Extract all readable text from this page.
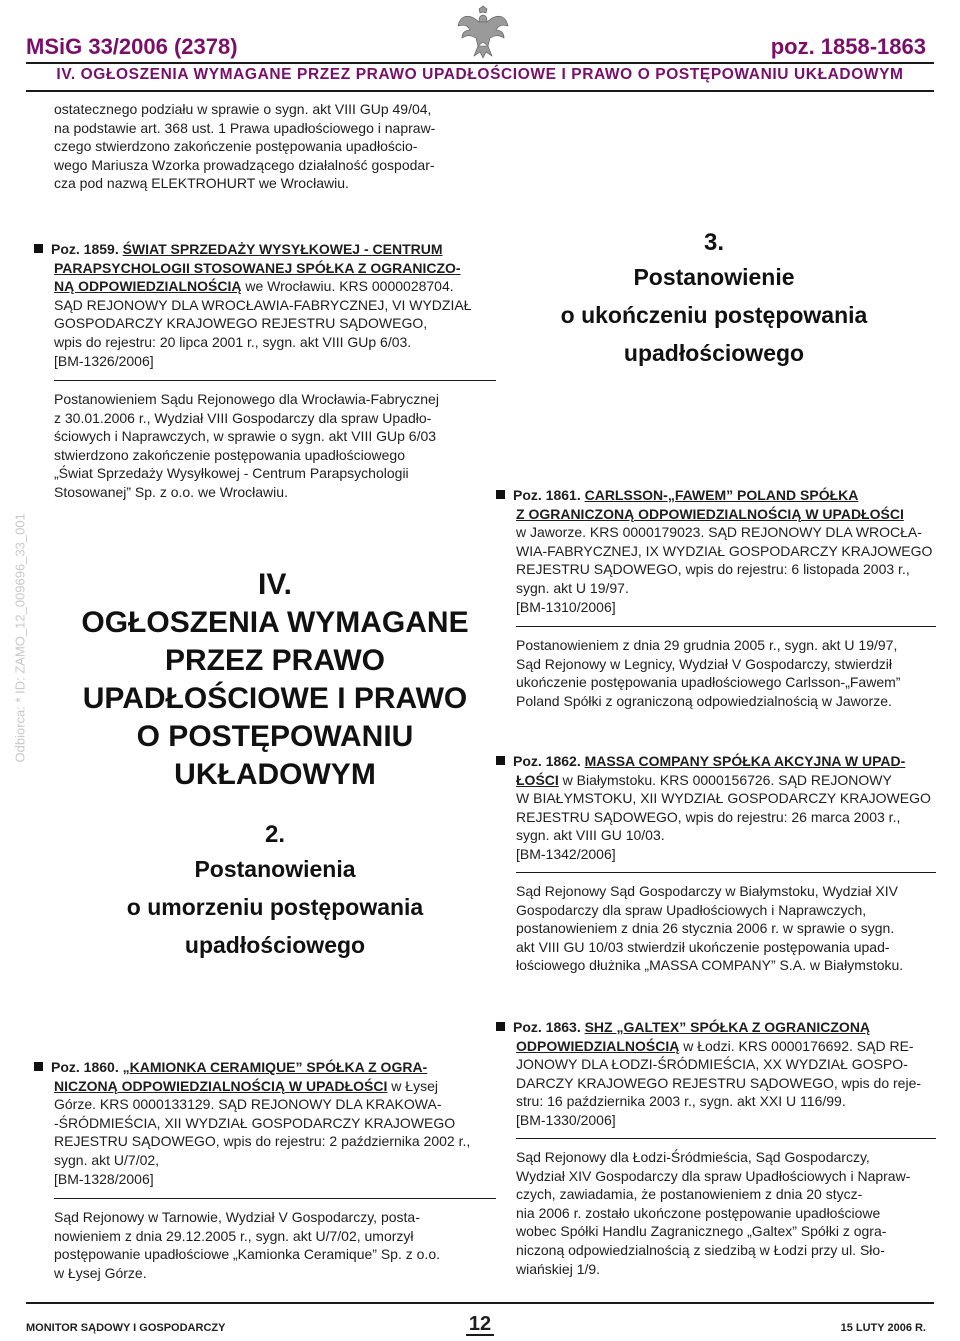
MSiG 33/2006 (2378)	poz. 1858-1863
IV. OGŁOSZENIA WYMAGANE PRZEZ PRAWO UPADŁOŚCIOWE I PRAWO O POSTĘPOWANIU UKŁADOWYM
Odbiorca: * ID: ZAMO_12_009696_33_001

ostatecznego podziału w sprawie o sygn. akt VIII GUp 49/04,

na podstawie art. 368 ust. 1 Prawa upadłościowego i napraw-

czego stwierdzono zakończenie postępowania upadłościo-

wego Mariusza Wzorka prowadzącego działalność gospodar-

cza pod nazwą ELEKTROHURT we Wrocławiu.

Poz. 1859. ŚWIAT SPRZEDAŻY WYSYŁKOWEJ - CENTRUM

PARAPSYCHOLOGII STOSOWANEJ SPÓŁKA Z OGRANICZO-

NĄ ODPOWIEDZIALNOŚCIĄ we Wrocławiu. KRS 0000028704.

SĄD REJONOWY DLA WROCŁAWIA-FABRYCZNEJ, VI WYDZIAŁ

GOSPODARCZY KRAJOWEGO REJESTRU SĄDOWEGO,

wpis do rejestru: 20 lipca 2001 r., sygn. akt VIII GUp 6/03.

[BM-1326/2006]

Postanowieniem Sądu Rejonowego dla Wrocławia-Fabrycznej

z 30.01.2006 r., Wydział VIII Gospodarczy dla spraw Upadło-

ściowych i Naprawczych, w sprawie o sygn. akt VIII GUp 6/03

stwierdzono zakończenie postępowania upadłościowego

„Świat Sprzedaży Wysyłkowej - Centrum Parapsychologii

Stosowanej” Sp. z o.o. we Wrocławiu.

IV.
OGŁOSZENIA WYMAGANE
PRZEZ PRAWO
UPADŁOŚCIOWE I PRAWO
O POSTĘPOWANIU
UKŁADOWYM
2.
Postanowienia
o umorzeniu postępowania
upadłościowego

Poz. 1860. „KAMIONKA CERAMIQUE” SPÓŁKA Z OGRA-

NICZONĄ ODPOWIEDZIALNOŚCIĄ W UPADŁOŚCI w Łysej

Górze. KRS 0000133129. SĄD REJONOWY DLA KRAKOWA-

-ŚRÓDMIEŚCIA, XII WYDZIAŁ GOSPODARCZY KRAJOWEGO

REJESTRU SĄDOWEGO, wpis do rejestru: 2 października 2002 r.,

sygn. akt U/7/02,

[BM-1328/2006]

Sąd Rejonowy w Tarnowie, Wydział V Gospodarczy, posta-

nowieniem z dnia 29.12.2005 r., sygn. akt U/7/02, umorzył

postępowanie upadłościowe „Kamionka Ceramique” Sp. z o.o.

w Łysej Górze.

3.
Postanowienie
o ukończeniu postępowania
upadłościowego

Poz. 1861. CARLSSON-„FAWEM” POLAND SPÓŁKA

Z OGRANICZONĄ ODPOWIEDZIALNOŚCIĄ W UPADŁOŚCI

w Jaworze. KRS 0000179023. SĄD REJONOWY DLA WROCŁA-

WIA-FABRYCZNEJ, IX WYDZIAŁ GOSPODARCZY KRAJOWEGO

REJESTRU SĄDOWEGO, wpis do rejestru: 6 listopada 2003 r.,

sygn. akt U 19/97.

[BM-1310/2006]

Postanowieniem z dnia 29 grudnia 2005 r., sygn. akt U 19/97,

Sąd Rejonowy w Legnicy, Wydział V Gospodarczy, stwierdził

ukończenie postępowania upadłościowego Carlsson-„Fawem”

Poland Spółki z ograniczoną odpowiedzialnością w Jaworze.

Poz. 1862. MASSA COMPANY SPÓŁKA AKCYJNA W UPAD-

ŁOŚCI w Białymstoku. KRS 0000156726. SĄD REJONOWY

W BIAŁYMSTOKU, XII WYDZIAŁ GOSPODARCZY KRAJOWEGO

REJESTRU SĄDOWEGO, wpis do rejestru: 26 marca 2003 r.,

sygn. akt VIII GU 10/03.

[BM-1342/2006]

Sąd Rejonowy Sąd Gospodarczy w Białymstoku, Wydział XIV

Gospodarczy dla spraw Upadłościowych i Naprawczych,

postanowieniem z dnia 26 stycznia 2006 r. w sprawie o sygn.

akt VIII GU 10/03 stwierdził ukończenie postępowania upad-

łościowego dłużnika „MASSA COMPANY” S.A. w Białymstoku.

Poz. 1863. SHZ „GALTEX” SPÓŁKA Z OGRANICZONĄ

ODPOWIEDZIALNOŚCIĄ w Łodzi. KRS 0000176692. SĄD RE-

JONOWY DLA ŁODZI-ŚRÓDMIEŚCIA, XX WYDZIAŁ GOSPO-

DARCZY KRAJOWEGO REJESTRU SĄDOWEGO, wpis do reje-

stru: 16 października 2003 r., sygn. akt XXI U 116/99.

[BM-1330/2006]

Sąd Rejonowy dla Łodzi-Śródmieścia, Sąd Gospodarczy,

Wydział XIV Gospodarczy dla spraw Upadłościowych i Napraw-

czych, zawiadamia, że postanowieniem z dnia 20 stycz-

nia 2006 r. zostało ukończone postępowanie upadłościowe

wobec Spółki Handlu Zagranicznego „Galtex” Spółki z ogra-

niczoną odpowiedzialnością z siedzibą w Łodzi przy ul. Sło-

wiańskiej 1/9.

MONITOR SĄDOWY I GOSPODARCZY	12	15 LUTY 2006 R.
